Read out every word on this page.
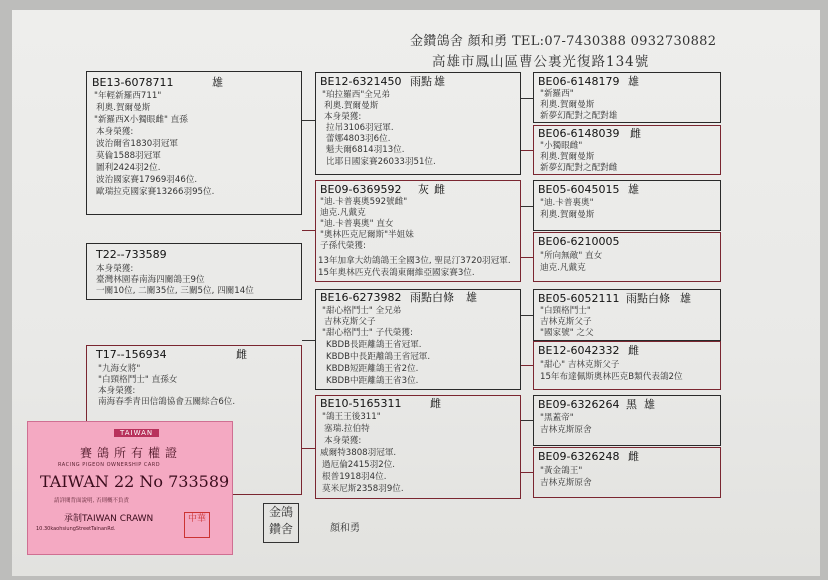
金鑽鴿舍 顏和勇 TEL:07-7430388 0932730882
高雄市鳳山區曹公裏光復路134號
BE13-6078711	雄
"年輕新羅西711"
利奧.賀爾曼斯
"新羅西X小獨眼雌" 直孫
本身榮獲:
波治爾省1830羽冠軍
莫倫1588羽冠軍
圖利2424羽2位.
波治國家賽17969羽46位.
歐瑞拉克國家賽13266羽95位.
T22--733589
本身榮獲:
臺灣林園春南海四關鴿王9位
一關10位, 二關35位, 三關5位, 四關14位
T17--156934	雌
"九海女將"
"白頸格鬥士" 直孫女
本身榮獲:
南海春季青田信鴿協會五關綜合6位.
BE12-6321450 雨點 雄
"珀拉羅西"全兄弟
利奧.賀爾曼斯
本身榮獲:
拉吊3106羽冠軍.
蕾娜4803羽6位.
魁夫爾6814羽13位.
比耶日國家賽26033羽51位.
BE09-6369592 灰 雌
"迪.卡普裏奧592號雌"
迪克.凡戴克
"迪.卡普裏奧" 直女
"奧林匹克尼爾斯"半姐妹
子孫代榮獲:
13年加拿大幼鴿鴿王全國3位, 聖昆汀3720羽冠軍.
15年奧林匹克代表鴿東爾維亞國家賽3位.
BE16-6273982 雨點白條 雄
"甜心格鬥士" 全兄弟
吉林克斯父子
"甜心格鬥士" 子代榮獲:
KBDB長距離鴿王省冠軍.
KBDB中長距離鴿王省冠軍.
KBDB短距離鴿王省2位.
KBDB中距離鴿王省3位.
BE10-5165311	雌
"鴿王王後311"
塞瑞.拉伯特
本身榮獲:
威爾特3808羽冠軍.
過厄倫2415羽2位.
根普1918羽4位.
莫米尼斯2358羽9位.
BE06-6148179 雄
"新羅西"
利奧.賀爾曼斯
新夢幻配對之配對雄
BE06-6148039 雌
"小獨眼雌"
利奧.賀爾曼斯
新夢幻配對之配對雌
BE05-6045015 雄
"迪.卡普裏奧"
利奧.賀爾曼斯
BE06-6210005
"所向無敵" 直女
迪克.凡戴克
BE05-6052111 雨點白條 雄
"白頸格鬥士"
吉林克斯父子
"國家號" 之父
BE12-6042332 雌
"甜心" 吉林克斯父子
15年布達佩斯奧林匹克B類代表鴿2位
BE09-6326264 黑 雄
"黑蓋帝"
吉林克斯原舍
BE09-6326248 雌
"黃金鴿王"
吉林克斯原舍
TAIWAN
賽鴿所有權證
RACING PIGEON OWNERSHIP CARD
TAIWAN 22 No 733589
請詳閱背面說明, 否則概不負責
承制TAIWAN CRAWN
10.30kaohsiungStreetTainanRd.
中華	金鴿
鑽舍	顏和勇
